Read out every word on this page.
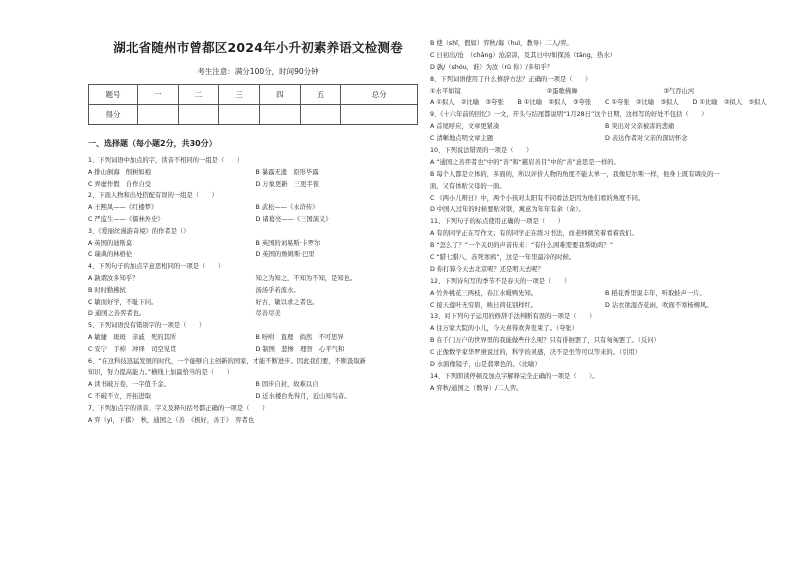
湖北省随州市曾都区2024年小升初素养语文检测卷
考生注意：满分100分，时间90分钟
题号	一	二	三	四	五	总分
得分						
一、选择题（每小题2分，共30分）
1、下列词语中加点的字，读音不相同的一组是（　　）
A 排山倒海　削树如袍	B 暴露无遗　原形毕露
C 弄虚作假　自作自受	D 万象更新　三更半夜
2、下面人物和出处搭配有误的一组是（　　）
A 王熙凤——《红楼梦》	B 武松——《水浒传》
C 严监生——《儒林外史》	D 诸葛亮——《三国演义》
3、《爱丽丝漫游奇境》的作者是（）
A 英国的迪斯莫	B 英国的刘易斯·卡罗尔
C 瑞典的林格伦	D 英国的詹姆斯·巴里
4、下列句子的加点字意思相同的一项是（　　）
A 孰谓汝多知乎？	知之为知之，不知为不知，是知也。
B 时时勤拂拭	汤汤乎若流水。
C 敏而好学，不耻下问。	好古，敏以求之者也。
D 通国之善弈者也。	尽善尽美
5、下列词语没有错别字的一项是（　　）
A 敏捷　斑斑　亲戚　死的其所	B 吩咐　直理　倘然　不可思异
C 安宁　手棹　冲绎　司空见贯	D 制图　悲惨　理智　心平气和
6、“在这科技迅猛发展的时代，一个能够自主创新的国家，才能不断进步。因此我们要，不断汲取新
知识，努力提高能力。”横线上加最恰当的是（　　）
A 读书破万卷，一字值千金。	B 固步自封，故难以自
C 不破不立，开拓进取	D 近水楼台先得月，近山知鸟音。
7、下列加点字的读音、字义及释句括号都正确的一项是（　　）
A 弈（yì，下棋）　秋，通国之（善　《极好，善于》　弈者也
B 使（shǐ，假如）弈秋/诲（huì，教导）二人/弈。
C 日初出/沧　（chāng）沧凉凉，及其日中/如探汤（tāng，热水）
D 孰/（shóu，谁）为汝（rǔ 你）/多知乎？
8、下列词语使用了什么修辞方法？正确的一项是（　　）
①水平如镜	②蛋歌佛舞	③气吞山河
A ①拟人　②比喻　③夸张	B ①比喻　②拟人　③夸张	C ①夸张　②比喻　③拟人	D ①比喻　②拟人　③拟人
9、《十六年前的回忆》一文，开头与结尾都说明“1月28日”这个日期，这样写的好处不包括（　　）
A 首尾呼应，文章更紧凑	B 突出对父亲被害的悲痛
C 清晰地点明文章主题	D 表达作者对父亲的深切怀念
10、下列说法错误的一项是（　　）
A “通国之善弈者也”中的“善”和“慈眉善目”中的“善”意思是一样的。
B 每个人都是立体的，多面的，所以评价人物的角度不能太单一，我像尼尔斯一样，他身上既有调皮的一
面，又有体贴父母的一面。
C 《两小儿辩日》中，两个小孩对太阳有不同看法是因为他们看的角度不同。
D 中国人过年的时候要贴对联，寓意为年年有余（余）。
11、下列句子的标点使用正确的一项是（　　）
A 有的同学正在写作文；有的同学正在练习书法，而老师微笑着看着我们。
B “怎么了？”一个关切的声音传来：“有什么困难需要我帮助吗？”
C “腊七腊八，冻死寒鸦”，这是一年里最冷的时候。
D 你打算今天去北京呢？还是明天去呢？
12、下列诗句写的季节不是春天的一项是（　　）
A 竹外桃花三两枝，春江水暖鸭先知。	B 稻花香里说丰年，听取蛙声一片。
C 接天莲叶无穷碧，映日荷花别样红。	D 沾衣欲湿杏花雨，吹面不寒杨柳风。
13、对下列句子运用的修辞手法判断有误的一项是（　　）
A 往万家大院的小儿，今天喜得欢奔发束了。（夸张）
B 在千门万户的世界里的我能做些什么呢？只有徘徊罢了，只有匆匆罢了。（反问）
C 正像数学家华罗庚说过的，科学的灵感，决不是坐等可以等来的。（引用）
D 水面像镜子，山是翡翠色的。（比喻）
14、下列朗读停顿及加点字解释完全正确的一项是（　　）。
A 弈秋/通国之（数导）/二人弈。
